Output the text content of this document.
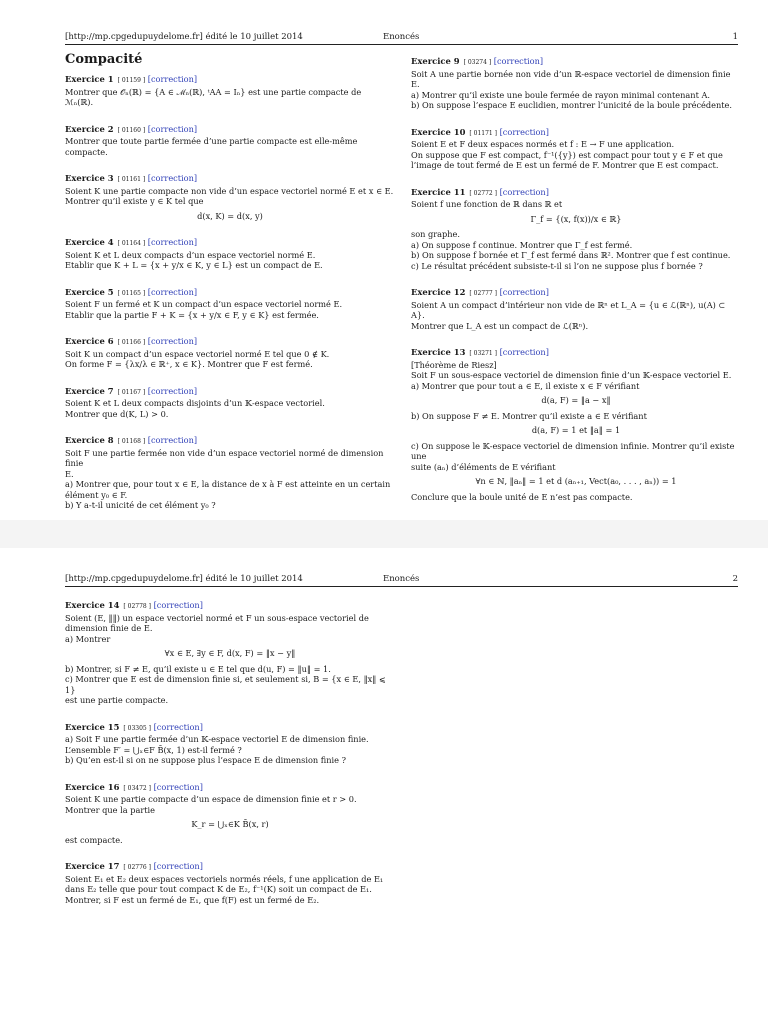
[http://mp.cpgedupuydelome.fr] édité le 10 juillet 2014	Enoncés	1
Compacité
Exercice 1 [ 01159 ] [correction]
Montrer que 𝒪ₙ(ℝ) = {A ∈ ℳₙ(ℝ), ᵗAA = Iₙ} est une partie compacte de
ℳₙ(ℝ).
Exercice 2 [ 01160 ] [correction]
Montrer que toute partie fermée d’une partie compacte est elle-même compacte.
Exercice 3 [ 01161 ] [correction]
Soient K une partie compacte non vide d’un espace vectoriel normé E et x ∈ E.
Montrer qu’il existe y ∈ K tel que
d(x, K) = d(x, y)
Exercice 4 [ 01164 ] [correction]
Soient K et L deux compacts d’un espace vectoriel normé E.
Etablir que K + L = {x + y/x ∈ K, y ∈ L} est un compact de E.
Exercice 5 [ 01165 ] [correction]
Soient F un fermé et K un compact d’un espace vectoriel normé E.
Etablir que la partie F + K = {x + y/x ∈ F, y ∈ K} est fermée.
Exercice 6 [ 01166 ] [correction]
Soit K un compact d’un espace vectoriel normé E tel que 0 ∉ K.
On forme F = {λx/λ ∈ ℝ⁺, x ∈ K}. Montrer que F est fermé.
Exercice 7 [ 01167 ] [correction]
Soient K et L deux compacts disjoints d’un 𝕂-espace vectoriel.
Montrer que d(K, L) > 0.
Exercice 8 [ 01168 ] [correction]
Soit F une partie fermée non vide d’un espace vectoriel normé de dimension finie
E.
a) Montrer que, pour tout x ∈ E, la distance de x à F est atteinte en un certain
élément y₀ ∈ F.
b) Y a-t-il unicité de cet élément y₀ ?
Exercice 9 [ 03274 ] [correction]
Soit A une partie bornée non vide d’un ℝ-espace vectoriel de dimension finie E.
a) Montrer qu’il existe une boule fermée de rayon minimal contenant A.
b) On suppose l’espace E euclidien, montrer l’unicité de la boule précédente.
Exercice 10 [ 01171 ] [correction]
Soient E et F deux espaces normés et f : E → F une application.
On suppose que F est compact, f⁻¹({y}) est compact pour tout y ∈ F et que
l’image de tout fermé de E est un fermé de F. Montrer que E est compact.
Exercice 11 [ 02772 ] [correction]
Soient f une fonction de ℝ dans ℝ et
Γ_f = {(x, f(x))/x ∈ ℝ}
son graphe.
a) On suppose f continue. Montrer que Γ_f est fermé.
b) On suppose f bornée et Γ_f est fermé dans ℝ². Montrer que f est continue.
c) Le résultat précédent subsiste-t-il si l’on ne suppose plus f bornée ?
Exercice 12 [ 02777 ] [correction]
Soient A un compact d’intérieur non vide de ℝⁿ et L_A = {u ∈ ℒ(ℝⁿ), u(A) ⊂ A}.
Montrer que L_A est un compact de ℒ(ℝⁿ).
Exercice 13 [ 03271 ] [correction]
[Théorème de Riesz]
Soit F un sous-espace vectoriel de dimension finie d’un 𝕂-espace vectoriel E.
a) Montrer que pour tout a ∈ E, il existe x ∈ F vérifiant
d(a, F) = ‖a − x‖
b) On suppose F ≠ E. Montrer qu’il existe a ∈ E vérifiant
d(a, F) = 1 et ‖a‖ = 1
c) On suppose le 𝕂-espace vectoriel de dimension infinie. Montrer qu’il existe une
suite (aₙ) d’éléments de E vérifiant
∀n ∈ ℕ, ‖aₙ‖ = 1 et d (aₙ₊₁, Vect(a₀, . . . , aₙ)) = 1
Conclure que la boule unité de E n’est pas compacte.
[http://mp.cpgedupuydelome.fr] édité le 10 juillet 2014	Enoncés	2
Exercice 14 [ 02778 ] [correction]
Soient (E, ‖‖) un espace vectoriel normé et F un sous-espace vectoriel de
dimension finie de E.
a) Montrer
∀x ∈ E, ∃y ∈ F, d(x, F) = ‖x − y‖
b) Montrer, si F ≠ E, qu’il existe u ∈ E tel que d(u, F) = ‖u‖ = 1.
c) Montrer que E est de dimension finie si, et seulement si, B = {x ∈ E, ‖x‖ ⩽ 1}
est une partie compacte.
Exercice 15 [ 03305 ] [correction]
a) Soit F une partie fermée d’un 𝕂-espace vectoriel E de dimension finie.
L’ensemble F′ = ⋃ₓ∈F B̄(x, 1) est-il fermé ?
b) Qu’en est-il si on ne suppose plus l’espace E de dimension finie ?
Exercice 16 [ 03472 ] [correction]
Soient K une partie compacte d’un espace de dimension finie et r > 0.
Montrer que la partie
K_r = ⋃ₓ∈K B̄(x, r)
est compacte.
Exercice 17 [ 02776 ] [correction]
Soient E₁ et E₂ deux espaces vectoriels normés réels, f une application de E₁
dans E₂ telle que pour tout compact K de E₂, f⁻¹(K) soit un compact de E₁.
Montrer, si F est un fermé de E₁, que f(F) est un fermé de E₂.
